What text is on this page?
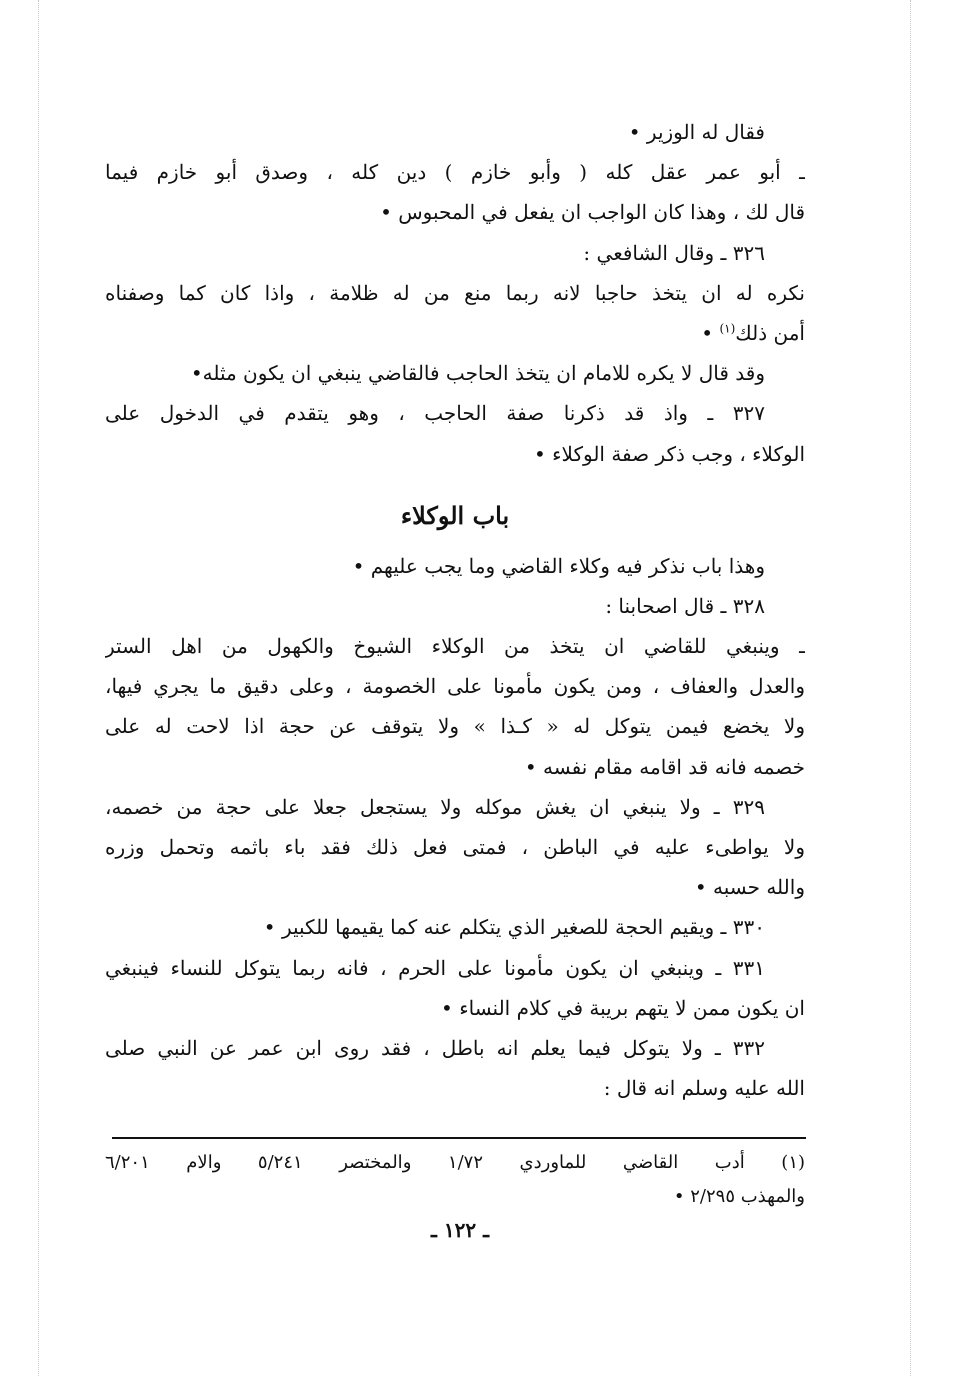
فقال له الوزير •
ـ أبو عمر عقل كله ( وأبو خازم ) دين كله ، وصدق أبو خازم فيما
قال لك ، وهذا كان الواجب ان يفعل في المحبوس •
٣٢٦ ـ وقال الشافعي :
نكره له ان يتخذ حاجبا لانه ربما منع من له ظلامة ، واذا كان كما وصفناه
أمن ذلك$^{(١)}$ •
وقد قال لا يكره للامام ان يتخذ الحاجب فالقاضي ينبغي ان يكون مثله•
٣٢٧ ـ واذ قد ذكرنا صفة الحاجب ، وهو يتقدم في الدخول على
الوكلاء ، وجب ذكر صفة الوكلاء •
باب الوكلاء
وهذا باب نذكر فيه وكلاء القاضي وما يجب عليهم •
٣٢٨ ـ قال اصحابنا :
ـ وينبغي للقاضي ان يتخذ من الوكلاء الشيوخ والكهول من اهل الستر
والعدل والعفاف ، ومن يكون مأمونا على الخصومة ، وعلى دقيق ما يجري فيها،
ولا يخضع فيمن يتوكل له « كـذا » ولا يتوقف عن حجة اذا لاحت له على
خصمه فانه قد اقامه مقام نفسه •
٣٢٩ ـ ولا ينبغي ان يغش موكله ولا يستجعل جعلا على حجة من خصمه،
ولا يواطىء عليه في الباطن ، فمتى فعل ذلك فقد باء باثمه وتحمل وزره
والله حسبه •
٣٣٠ ـ ويقيم الحجة للصغير الذي يتكلم عنه كما يقيمها للكبير •
٣٣١ ـ وينبغي ان يكون مأمونا على الحرم ، فانه ربما يتوكل للنساء فينبغي
ان يكون ممن لا يتهم بريبة في كلام النساء •
٣٣٢ ـ ولا يتوكل فيما يعلم انه باطل ، فقد روى ابن عمر عن النبي صلى
الله عليه وسلم انه قال :
(١) أدب القاضي للماوردي ١/٧٢ والمختصر ٥/٢٤١ والام ٦/٢٠١
والمهذب ٢/٢٩٥ •
ـ ١٢٢ ـ
